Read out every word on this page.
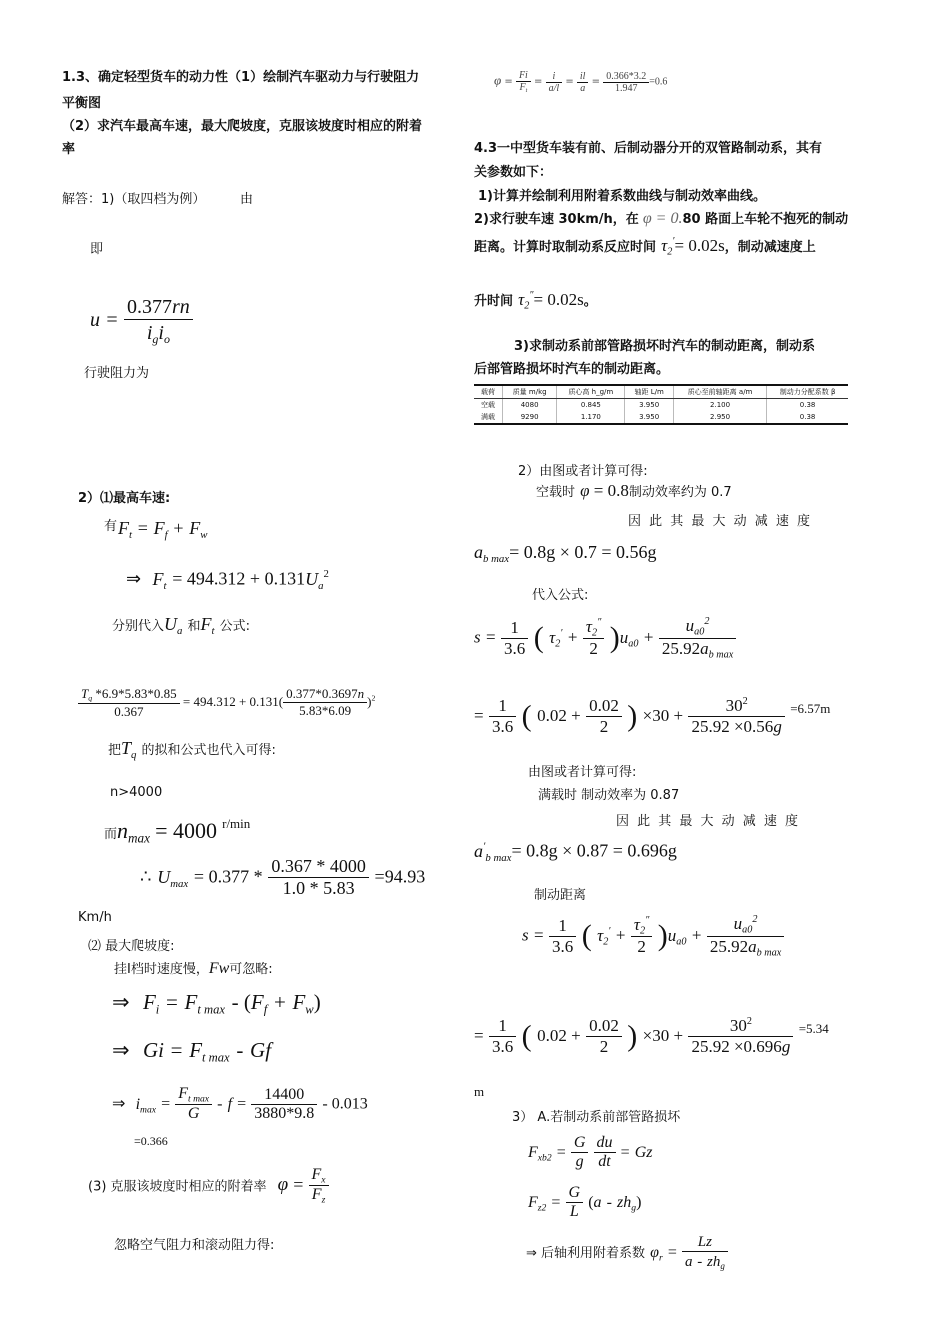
1.3、确定轻型货车的动力性（1）绘制汽车驱动力与行驶阻力
平衡图
（2）求汽车最高车速，最大爬坡度，克服该坡度时相应的附着
率
解答：1)（取四档为例）	由
即
$u = \frac{0.377rn}{i_gi_o}$
行驶阻力为
2）⑴最高车速:
有 $F_t = F_f + F_w$
⇒ $F_t = 494.312 + 0.131U_a^2$
分别代入$U_a$ 和$F_t$ 公式:
$\frac{T_q *6.9*5.83*0.85}{0.367} = 494.312 + 0.131( \frac{0.377*0.3697n}{5.83*6.09} )^2$
把$T_q$ 的拟和公式也代入可得:
n>4000
而$n_{max} = 4000$ $^{r/min}$
∴ $U_{max} = 0.377 * \frac{0.367 * 4000}{1.0 * 5.83} =94.93$
Km/h
⑵ 最大爬坡度:
挂Ⅰ档时速度慢，Fw可忽略:
⇒ $F_i = F_{t max} - (F_f + F_w)$
⇒ $Gi = F_{t max} - Gf$
⇒ $i_{max} = \frac{F_{t max}}{G} - f = \frac{14400}{3880*9.8} - 0.013$
=0.366
(3) 克服该坡度时相应的附着率 $\varphi = \frac{F_x}{F_z}$
忽略空气阻力和滚动阻力得:
$\varphi = \frac{Fi}{F_t} = \frac{i}{a/l} = \frac{il}{a} = \frac{0.366*3.2}{1.947} =0.6$
4.3一中型货车装有前、后制动器分开的双管路制动系，其有
关参数如下：
1)计算并绘制利用附着系数曲线与制动效率曲线。
2)求行驶车速 30km/h，在 φ = 0.80 路面上车轮不抱死的制动
距离。计算时取制动系反应时间 $\tau_2'= 0.02s$，制动减速度上
升时间 $\tau_2''= 0.02s$。
3)求制动系前部管路损坏时汽车的制动距离，制动系
后部管路损坏时汽车的制动距离。
载荷	质量 m/kg	质心高 h_g/m	轴距 L/m	质心至前轴距离 a/m	制动力分配系数 β
空载	4080	0.845	3.950	2.100	0.38
满载	9290	1.170	3.950	2.950	0.38
2）由图或者计算可得:
空载时 φ = 0.8制动效率约为 0.7
因 此 其 最 大 动 减 速 度
$a_{b max}= 0.8g \times 0.7 = 0.56g$
代入公式:
$s = \frac{1}{3.6}$ ( $\tau_2' + \frac{\tau_2''}{2} )u_{a0} + \frac{u_{a0}^2}{25.92a_{b max}}$
= $\frac{1}{3.6}$ ( $0.02 + \frac{0.02}{2}$ ) $\times 30 + \frac{30^2}{25.92 \times 0.56g} ^{=6.57m}$
由图或者计算可得:
满载时 制动效率为 0.87
因 此 其 最 大 动 减 速 度
$a'_{b max}= 0.8g \times 0.87 = 0.696g$
制动距离
$s = \frac{1}{3.6}$ ( $\tau_2' + \frac{\tau_2''}{2} )u_{a0} + \frac{u_{a0}^2}{25.92a_{b max}}$
= $\frac{1}{3.6}$ ( $0.02 + \frac{0.02}{2}$ ) $\times 30 + \frac{30^2}{25.92 \times 0.696g} ^{=5.34}$
m
3） A.若制动系前部管路损坏
$F_{xb2} = \frac{G}{g}$
$\frac{du}{dt} = Gz$
$F_{z2} = \frac{G}{L} (a - zh_g)$
⇒ 后轴利用附着系数 $\varphi_r = \frac{Lz}{a - zh_g}$
